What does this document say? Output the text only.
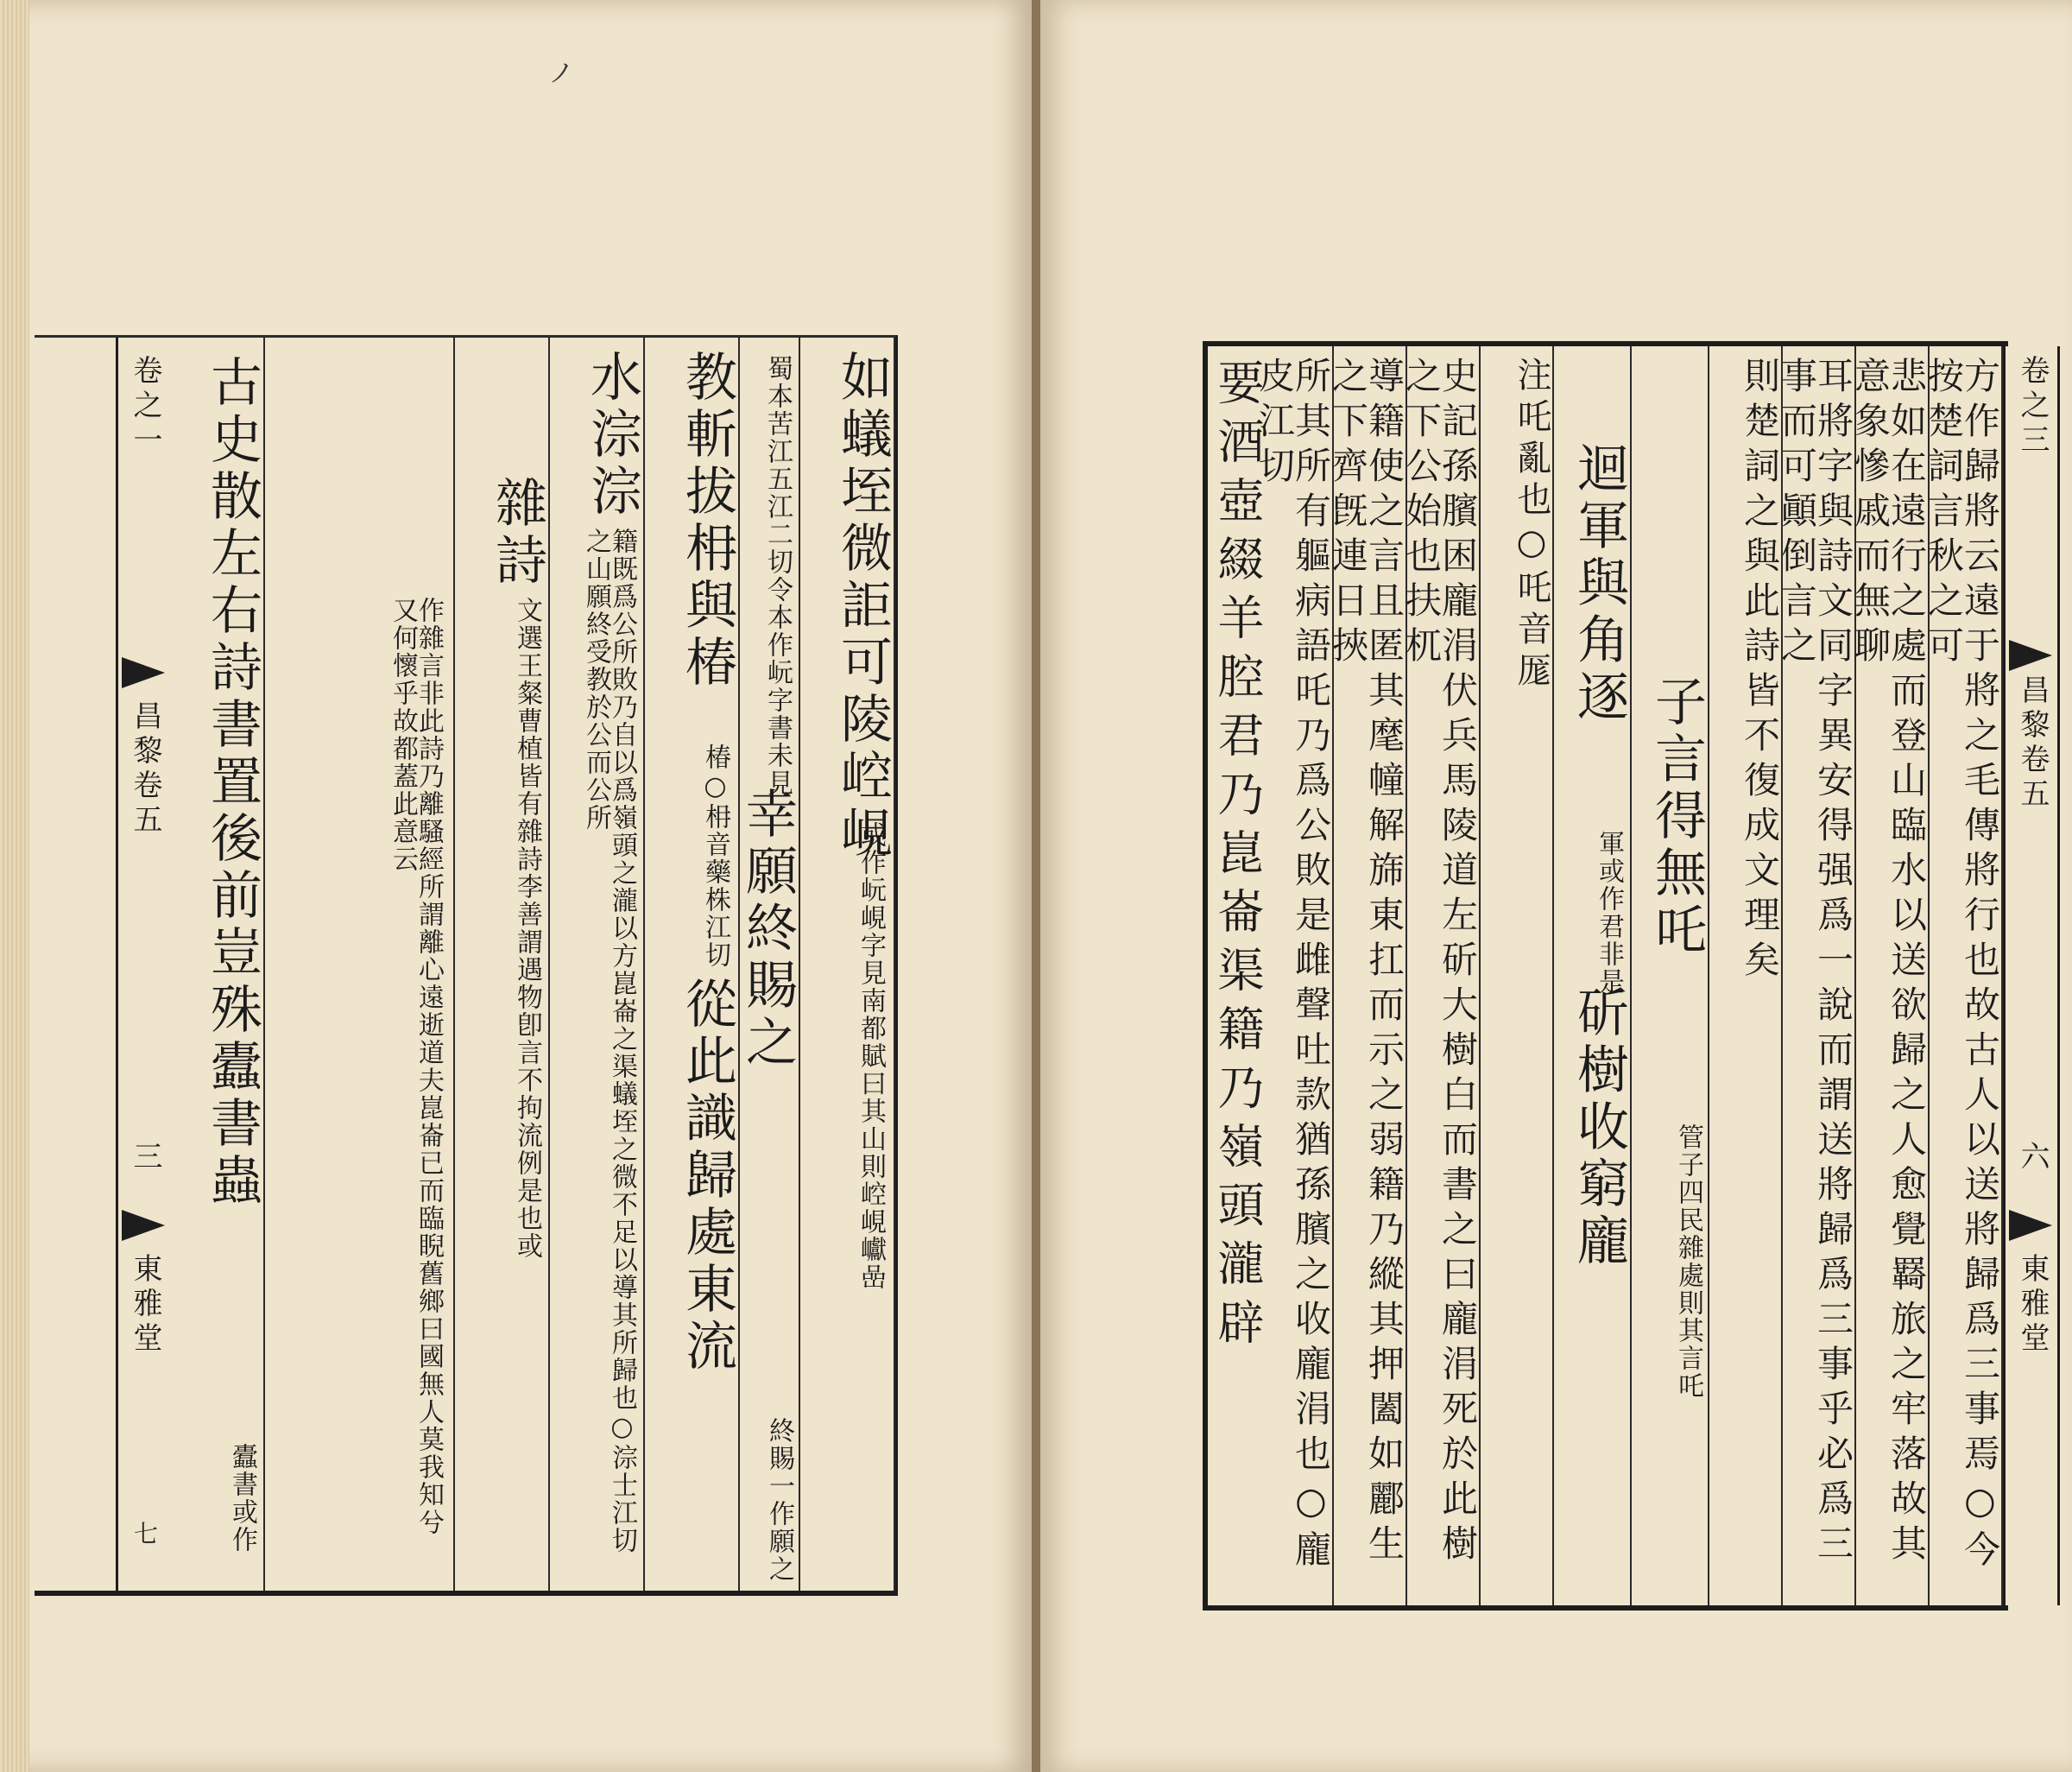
ノ
如蟻垤微詎可陵崆峴
或作岏峴字見南都賦曰其山則崆峴巘嵒
蜀本苦江五江二切令本作岏字書未見
幸願終賜之
終賜一作願之
教斬拔枏與椿
椿○枏音藥株江切
從此識歸處東流
水淙淙
籍既爲公所敗乃自以爲嶺頭之瀧以方崑崙之渠蟻垤之微不足以導其所歸也○淙士江切之山願終受教於公而公所
雜詩
文選王粲曹植皆有雜詩李善謂遇物卽言不拘流例是也或
作雜言非此詩乃離騷經所謂離心遠逝道夫崑崙已而臨睨舊鄉曰國無人莫我知兮又何懷乎故都蓋此意云
古史散左右詩書置後前豈殊蠹書蟲
蠹書或作
卷之一
昌黎卷五
三
東雅堂
七
卷之三
昌黎卷五
六
東雅堂
方作歸將云遠于將之毛傳將行也故古人以送將歸爲三事焉○今按楚詞言秋之可
悲如在遠行之處而登山臨水以送欲歸之人愈覺羇旅之牢落故其意象慘戚而無聊
耳將字與詩文同字異安得强爲一說而謂送將歸爲三事乎必爲三事而可顚倒言之
則楚詞之與此詩皆不復成文理矣
子言得無吒
管子四民雜處則其言吒
迴軍與角逐
軍或作君非是
斫樹收窮龐
注吒亂也○吒音厖
史記孫臏困龐涓伏兵馬陵道左斫大樹白而書之曰龐涓死於此樹之下公始也扶杌
導籍使之言且匿其麾幢解旆東扛而示之弱籍乃縱其押闔如酈生之下齊旣連日挾
所其所有軀病語吒乃爲公敗是雌聲吐款猶孫臏之收龐涓也○龐皮江切
要酒壺綴羊腔君乃崑崙渠籍乃嶺頭瀧辟
